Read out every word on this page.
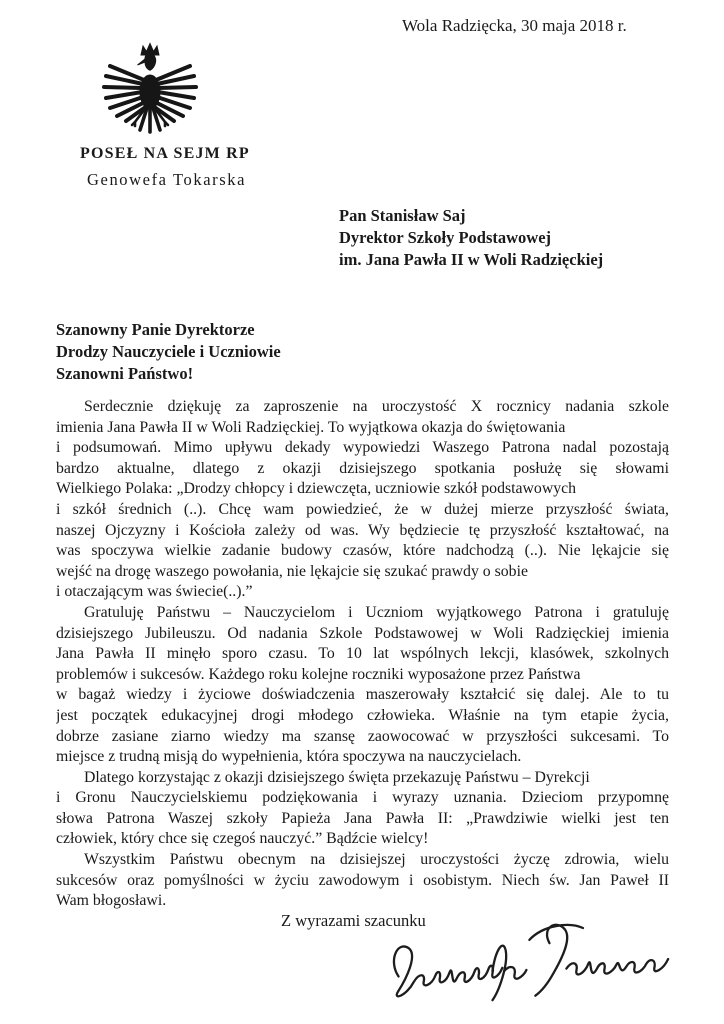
Wola Radzięcka, 30 maja 2018 r.
POSEŁ NA SEJM RP
Genowefa Tokarska
Pan Stanisław Saj
Dyrektor Szkoły Podstawowej
im. Jana Pawła II w Woli Radzięckiej
Szanowny Panie Dyrektorze
Drodzy Nauczyciele i Uczniowie
Szanowni Państwo!
Serdecznie dziękuję za zaproszenie na uroczystość X rocznicy nadania szkole
imienia Jana Pawła II w Woli Radzięckiej. To wyjątkowa okazja do świętowania
i podsumowań. Mimo upływu dekady wypowiedzi Waszego Patrona nadal pozostają
bardzo aktualne, dlatego z okazji dzisiejszego spotkania posłużę się słowami
Wielkiego Polaka: „Drodzy chłopcy i dziewczęta, uczniowie szkół podstawowych
i szkół średnich (..). Chcę wam powiedzieć, że w dużej mierze przyszłość świata,
naszej Ojczyzny i Kościoła zależy od was. Wy będziecie tę przyszłość kształtować, na
was spoczywa wielkie zadanie budowy czasów, które nadchodzą (..). Nie lękajcie się
wejść na drogę waszego powołania, nie lękajcie się szukać prawdy o sobie
i otaczającym was świecie(..).”
Gratuluję Państwu – Nauczycielom i Uczniom wyjątkowego Patrona i gratuluję
dzisiejszego Jubileuszu. Od nadania Szkole Podstawowej w Woli Radzięckiej imienia
Jana Pawła II minęło sporo czasu. To 10 lat wspólnych lekcji, klasówek, szkolnych
problemów i sukcesów. Każdego roku kolejne roczniki wyposażone przez Państwa
w bagaż wiedzy i życiowe doświadczenia maszerowały kształcić się dalej. Ale to tu
jest początek edukacyjnej drogi młodego człowieka. Właśnie na tym etapie życia,
dobrze zasiane ziarno wiedzy ma szansę zaowocować w przyszłości sukcesami. To
miejsce z trudną misją do wypełnienia, która spoczywa na nauczycielach.
Dlatego korzystając z okazji dzisiejszego święta przekazuję Państwu – Dyrekcji
i Gronu Nauczycielskiemu podziękowania i wyrazy uznania. Dzieciom przypomnę
słowa Patrona Waszej szkoły Papieża Jana Pawła II: „Prawdziwie wielki jest ten
człowiek, który chce się czegoś nauczyć.” Bądźcie wielcy!
Wszystkim Państwu obecnym na dzisiejszej uroczystości życzę zdrowia, wielu
sukcesów oraz pomyślności w życiu zawodowym i osobistym. Niech św. Jan Paweł II
Wam błogosławi.
Z wyrazami szacunku
